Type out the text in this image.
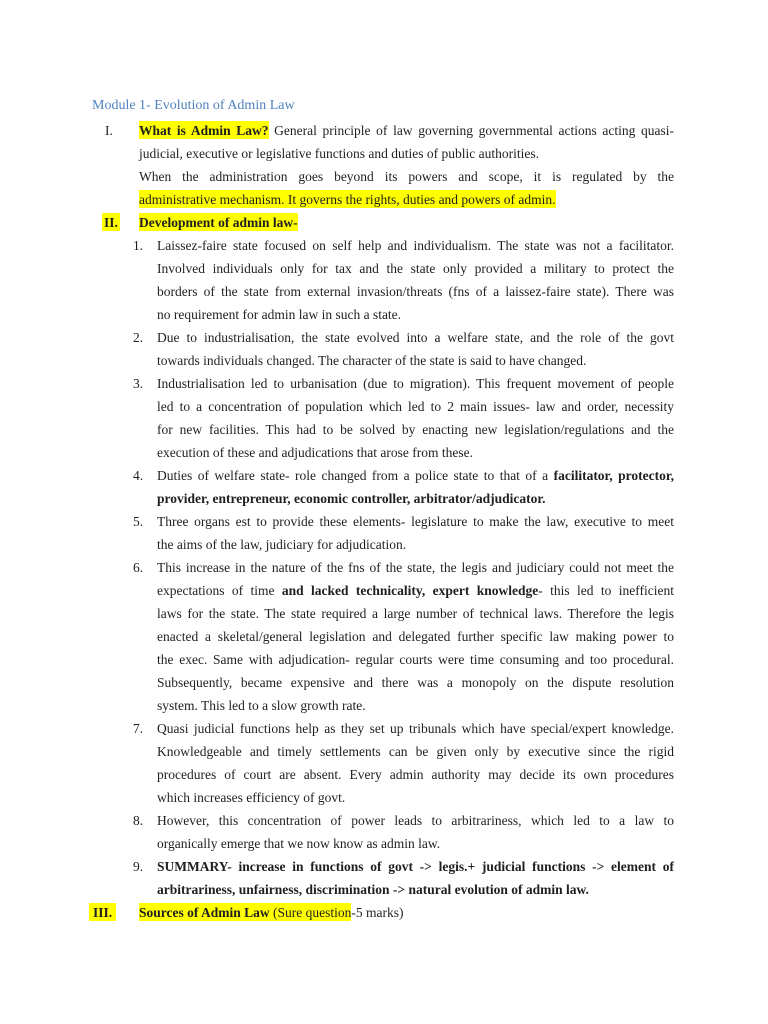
Module 1- Evolution of Admin Law
I. What is Admin Law? General principle of law governing governmental actions acting quasi-
judicial, executive or legislative functions and duties of public authorities.
When the administration goes beyond its powers and scope, it is regulated by the
administrative mechanism. It governs the rights, duties and powers of admin.
II. Development of admin law-
1. Laissez-faire state focused on self help and individualism. The state was not a facilitator.
Involved individuals only for tax and the state only provided a military to protect the
borders of the state from external invasion/threats (fns of a laissez-faire state). There was
no requirement for admin law in such a state.
2. Due to industrialisation, the state evolved into a welfare state, and the role of the govt
towards individuals changed. The character of the state is said to have changed.
3. Industrialisation led to urbanisation (due to migration). This frequent movement of people
led to a concentration of population which led to 2 main issues- law and order, necessity
for new facilities. This had to be solved by enacting new legislation/regulations and the
execution of these and adjudications that arose from these.
4. Duties of welfare state- role changed from a police state to that of a facilitator, protector,
provider, entrepreneur, economic controller, arbitrator/adjudicator.
5. Three organs est to provide these elements- legislature to make the law, executive to meet
the aims of the law, judiciary for adjudication.
6. This increase in the nature of the fns of the state, the legis and judiciary could not meet the
expectations of time and lacked technicality, expert knowledge- this led to inefficient
laws for the state. The state required a large number of technical laws. Therefore the legis
enacted a skeletal/general legislation and delegated further specific law making power to
the exec. Same with adjudication- regular courts were time consuming and too procedural.
Subsequently, became expensive and there was a monopoly on the dispute resolution
system. This led to a slow growth rate.
7. Quasi judicial functions help as they set up tribunals which have special/expert knowledge.
Knowledgeable and timely settlements can be given only by executive since the rigid
procedures of court are absent. Every admin authority may decide its own procedures
which increases efficiency of govt.
8. However, this concentration of power leads to arbitrariness, which led to a law to
organically emerge that we now know as admin law.
9. SUMMARY- increase in functions of govt -> legis.+ judicial functions -> element of
arbitrariness, unfairness, discrimination -> natural evolution of admin law.
III. Sources of Admin Law (Sure question-5 marks)
